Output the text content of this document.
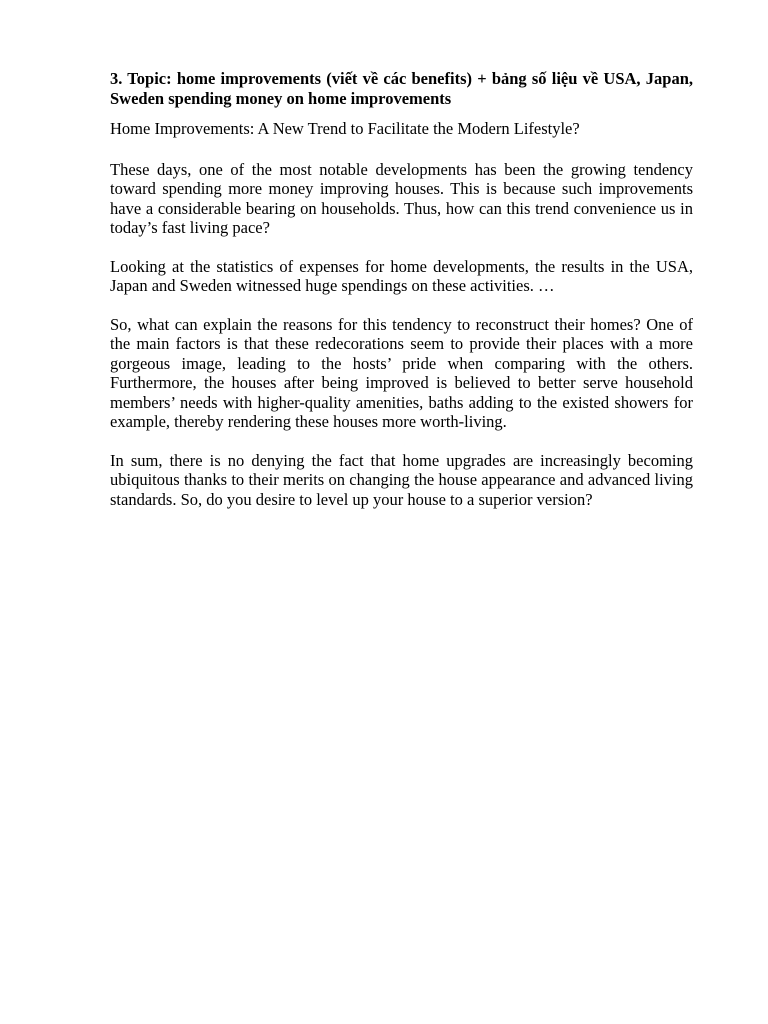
3. Topic: home improvements (viết về các benefits) + bảng số liệu về USA, Japan, Sweden spending money on home improvements

Home Improvements: A New Trend to Facilitate the Modern Lifestyle?

These days, one of the most notable developments has been the growing tendency toward spending more money improving houses. This is because such improvements have a considerable bearing on households. Thus, how can this trend convenience us in today’s fast living pace?

Looking at the statistics of expenses for home developments, the results in the USA, Japan and Sweden witnessed huge spendings on these activities. …

So, what can explain the reasons for this tendency to reconstruct their homes? One of the main factors is that these redecorations seem to provide their places with a more gorgeous image, leading to the hosts’ pride when comparing with the others. Furthermore, the houses after being improved is believed to better serve household members’ needs with higher-quality amenities, baths adding to the existed showers for example, thereby rendering these houses more worth-living.

In sum, there is no denying the fact that home upgrades are increasingly becoming ubiquitous thanks to their merits on changing the house appearance and advanced living standards. So, do you desire to level up your house to a superior version?
